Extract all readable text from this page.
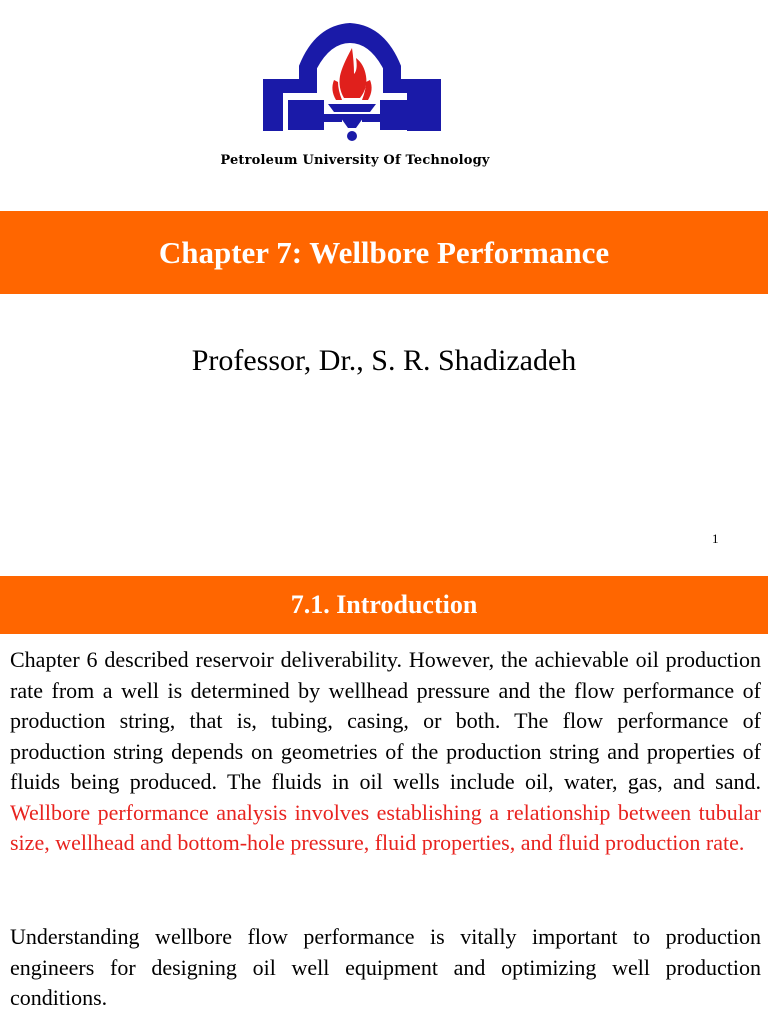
Petroleum University Of Technology
Chapter 7: Wellbore Performance
Professor, Dr., S. R. Shadizadeh
1
7.1. Introduction

Chapter 6 described reservoir deliverability. However, the achievable oil production rate from a well is determined by wellhead pressure and the flow performance of production string, that is, tubing, casing, or both. The flow performance of production string depends on geometries of the production string and properties of fluids being produced. The fluids in oil wells include oil, water, gas, and sand. Wellbore performance analysis involves establishing a relationship between tubular size, wellhead and bottom-hole pressure, fluid properties, and fluid production rate.

Understanding wellbore flow performance is vitally important to production engineers for designing oil well equipment and optimizing well production conditions.
